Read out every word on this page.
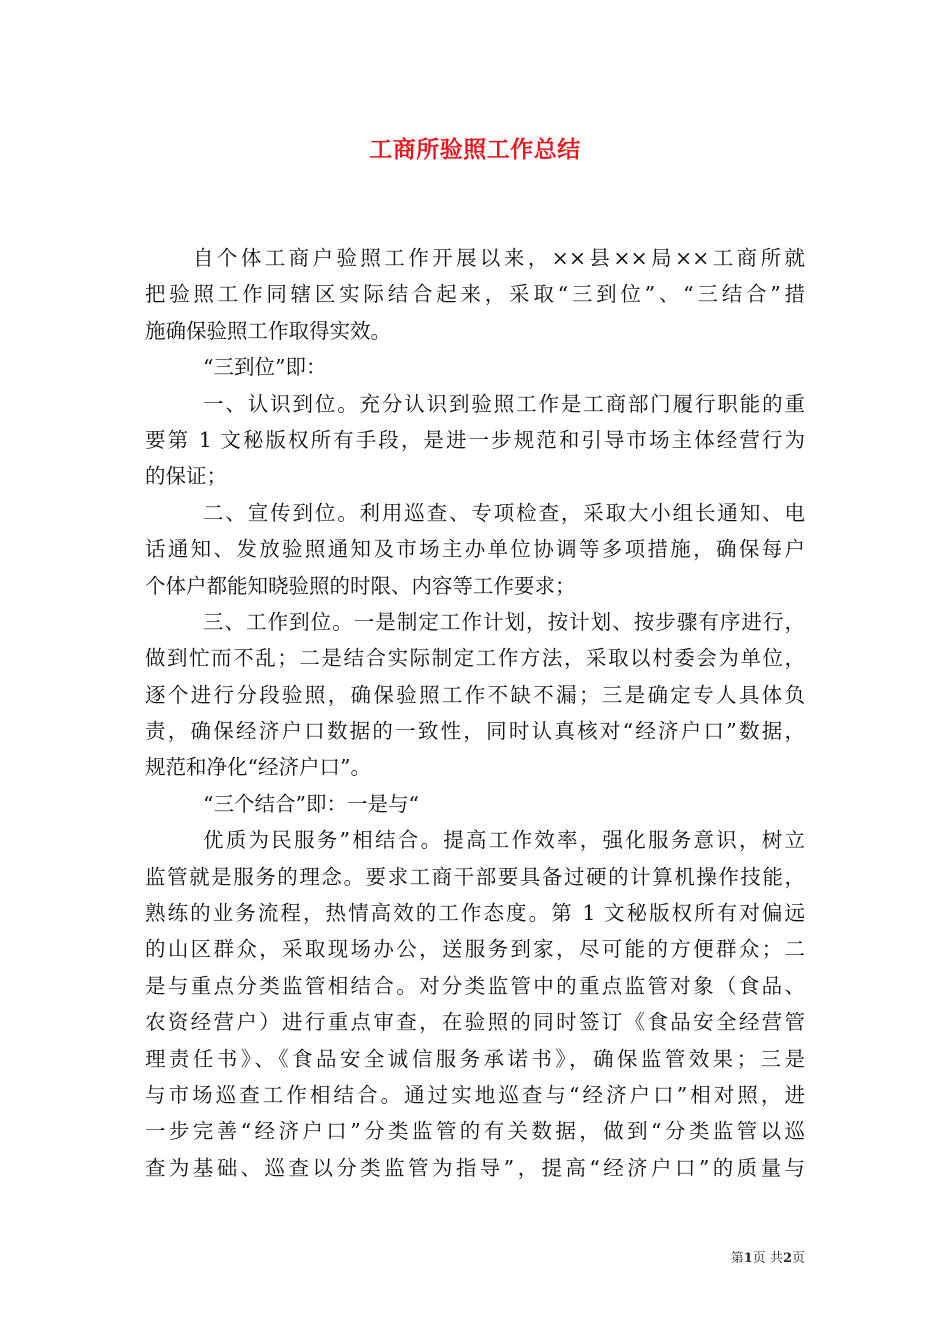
工商所验照工作总结
自个体工商户验照工作开展以来，××县××局××工商所就
把验照工作同辖区实际结合起来，采取“三到位”、“三结合”措
施确保验照工作取得实效。
“三到位”即：
一、认识到位。充分认识到验照工作是工商部门履行职能的重
要第 1 文秘版权所有手段，是进一步规范和引导市场主体经营行为
的保证；
二、宣传到位。利用巡查、专项检查，采取大小组长通知、电
话通知、发放验照通知及市场主办单位协调等多项措施，确保每户
个体户都能知晓验照的时限、内容等工作要求；
三、工作到位。一是制定工作计划，按计划、按步骤有序进行，
做到忙而不乱；二是结合实际制定工作方法，采取以村委会为单位，
逐个进行分段验照，确保验照工作不缺不漏；三是确定专人具体负
责，确保经济户口数据的一致性，同时认真核对“经济户口”数据，
规范和净化“经济户口”。
“三个结合”即：一是与“
优质为民服务”相结合。提高工作效率，强化服务意识，树立
监管就是服务的理念。要求工商干部要具备过硬的计算机操作技能，
熟练的业务流程，热情高效的工作态度。第 1 文秘版权所有对偏远
的山区群众，采取现场办公，送服务到家，尽可能的方便群众；二
是与重点分类监管相结合。对分类监管中的重点监管对象（食品、
农资经营户）进行重点审查，在验照的同时签订《食品安全经营管
理责任书》、《食品安全诚信服务承诺书》，确保监管效果；三是
与市场巡查工作相结合。通过实地巡查与“经济户口”相对照，进
一步完善“经济户口”分类监管的有关数据，做到“分类监管以巡
查为基础、巡查以分类监管为指导”，提高“经济户口”的质量与
第1页 共2页
